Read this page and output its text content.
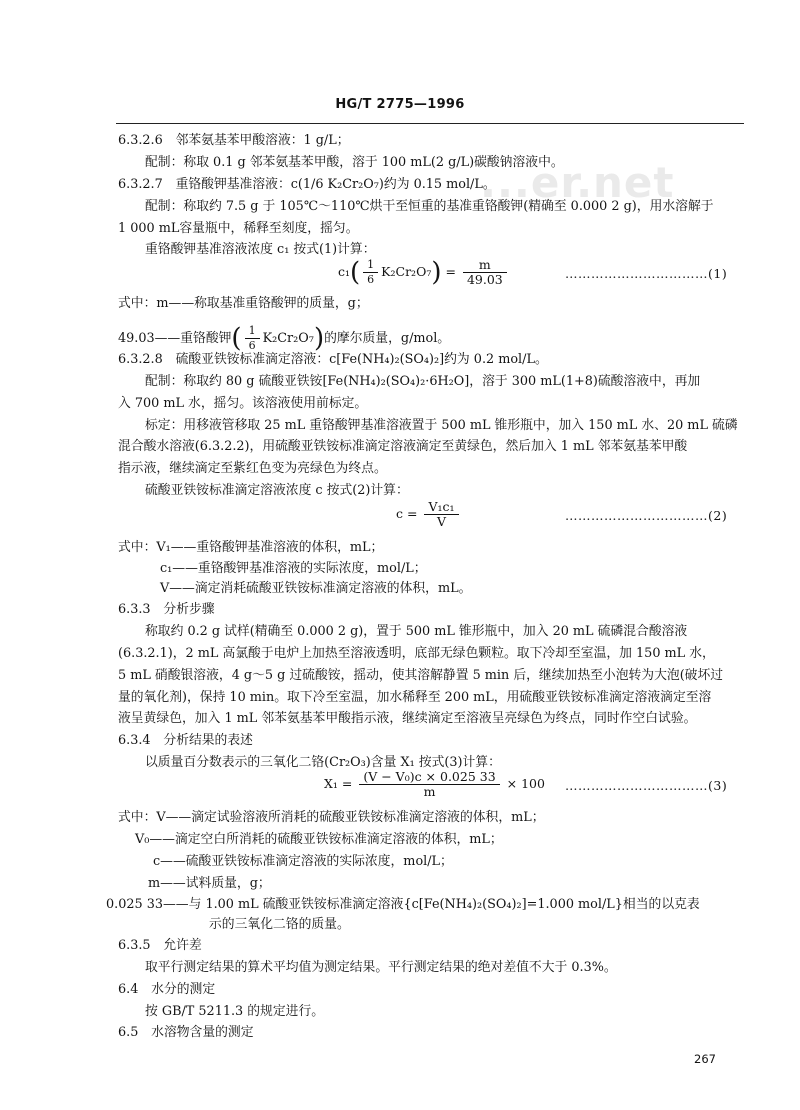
...er.net
HG/T 2775—1996
6.3.2.6　邻苯氨基苯甲酸溶液：1 g/L；
配制：称取 0.1 g 邻苯氨基苯甲酸，溶于 100 mL(2 g/L)碳酸钠溶液中。
6.3.2.7　重铬酸钾基准溶液：c(1/6 K₂Cr₂O₇)约为 0.15 mol/L。
配制：称取约 7.5 g 于 105℃～110℃烘干至恒重的基准重铬酸钾(精确至 0.000 2 g)，用水溶解于
1 000 mL容量瓶中，稀释至刻度，摇匀。
重铬酸钾基准溶液浓度 c₁ 按式(1)计算：
$c_1( \frac{1}{6} K_2Cr_2O_7) = \frac{m}{49.03}$	……………………………(1)
式中：m——称取基准重铬酸钾的质量，g；
49.03——重铬酸钾( $\frac{1}{6} K_2Cr_2O_7$)的摩尔质量，g/mol。
6.3.2.8　硫酸亚铁铵标准滴定溶液：c[Fe(NH₄)₂(SO₄)₂]约为 0.2 mol/L。
配制：称取约 80 g 硫酸亚铁铵[Fe(NH₄)₂(SO₄)₂·6H₂O]，溶于 300 mL(1+8)硫酸溶液中，再加
入 700 mL 水，摇匀。该溶液使用前标定。
标定：用移液管移取 25 mL 重铬酸钾基准溶液置于 500 mL 锥形瓶中，加入 150 mL 水、20 mL 硫磷
混合酸水溶液(6.3.2.2)，用硫酸亚铁铵标准滴定溶液滴定至黄绿色，然后加入 1 mL 邻苯氨基苯甲酸
指示液，继续滴定至紫红色变为亮绿色为终点。
硫酸亚铁铵标准滴定溶液浓度 c 按式(2)计算：
$c = \frac{\text{V₁c₁}}{V}$	……………………………(2)
式中：V₁——重铬酸钾基准溶液的体积，mL；
c₁——重铬酸钾基准溶液的实际浓度，mol/L；
V——滴定消耗硫酸亚铁铵标准滴定溶液的体积，mL。
6.3.3　分析步骤
称取约 0.2 g 试样(精确至 0.000 2 g)，置于 500 mL 锥形瓶中，加入 20 mL 硫磷混合酸溶液
(6.3.2.1)，2 mL 高氯酸于电炉上加热至溶液透明，底部无绿色颗粒。取下冷却至室温，加 150 mL 水，
5 mL 硝酸银溶液，4 g～5 g 过硫酸铵，摇动，使其溶解静置 5 min 后，继续加热至小泡转为大泡(破坏过
量的氧化剂)，保持 10 min。取下冷至室温，加水稀释至 200 mL，用硫酸亚铁铵标准滴定溶液滴定至溶
液呈黄绿色，加入 1 mL 邻苯氨基苯甲酸指示液，继续滴定至溶液呈亮绿色为终点，同时作空白试验。
6.3.4　分析结果的表述
以质量百分数表示的三氧化二铬(Cr₂O₃)含量 X₁ 按式(3)计算：
$X_1 = \frac{\text{(V − V₀)c × 0.025 33}}{m} \times 100$ ……………………………(3)
式中：V——滴定试验溶液所消耗的硫酸亚铁铵标准滴定溶液的体积，mL；
V₀——滴定空白所消耗的硫酸亚铁铵标准滴定溶液的体积，mL；
c——硫酸亚铁铵标准滴定溶液的实际浓度，mol/L；
m——试料质量，g；
0.025 33——与 1.00 mL 硫酸亚铁铵标准滴定溶液{c[Fe(NH₄)₂(SO₄)₂]=1.000 mol/L}相当的以克表
示的三氧化二铬的质量。
6.3.5　允许差
取平行测定结果的算术平均值为测定结果。平行测定结果的绝对差值不大于 0.3%。
6.4　水分的测定
按 GB/T 5211.3 的规定进行。
6.5　水溶物含量的测定
267
